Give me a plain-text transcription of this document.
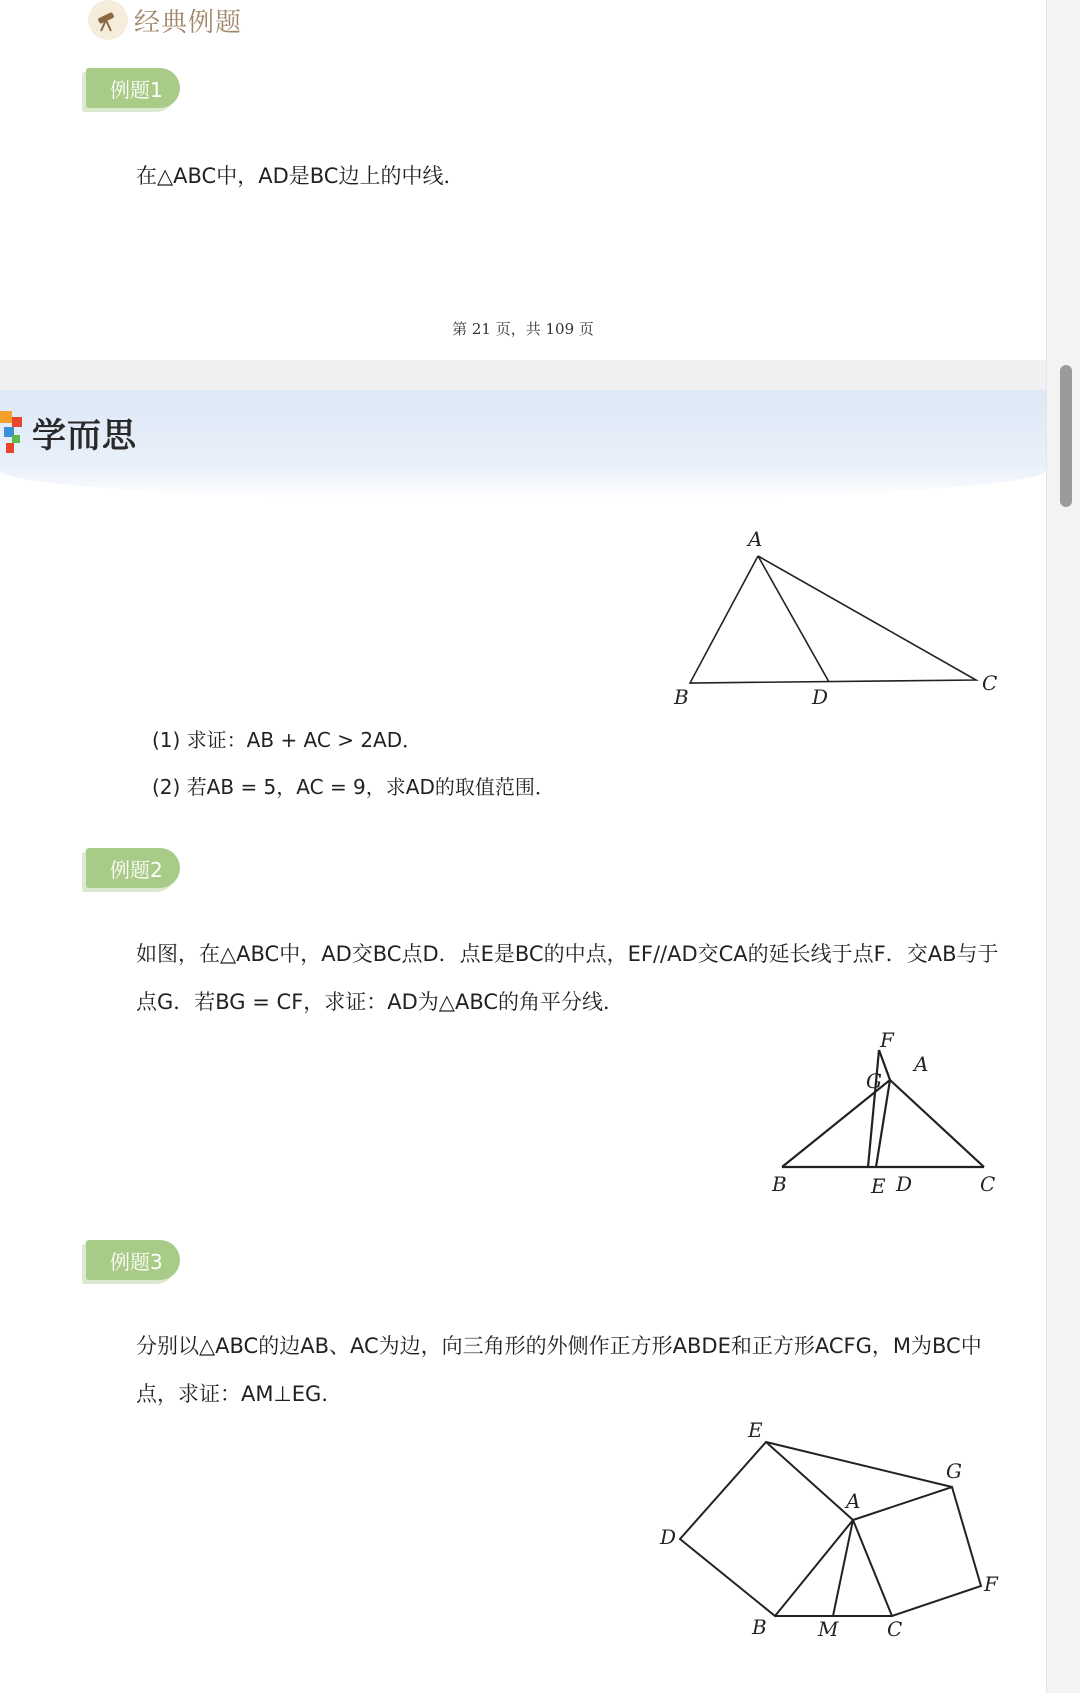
经典例题
例题1
在△ABC中，AD是BC边上的中线．
第 21 页，共 109 页
学而思
A
B
C
D
(1) 求证：AB + AC > 2AD．
(2) 若AB = 5，AC = 9，求AD的取值范围．
例题2
如图，在△ABC中，AD交BC点D．点E是BC的中点，EF//AD交CA的延长线于点F．交AB与于
点G．若BG = CF，求证：AD为△ABC的角平分线．
F
G
A
B	E D	C
例题3
分别以△ABC的边AB、AC为边，向三角形的外侧作正方形ABDE和正方形ACFG，M为BC中
点，求证：AM⊥EG．
E
G
A
D
F
B	M C
